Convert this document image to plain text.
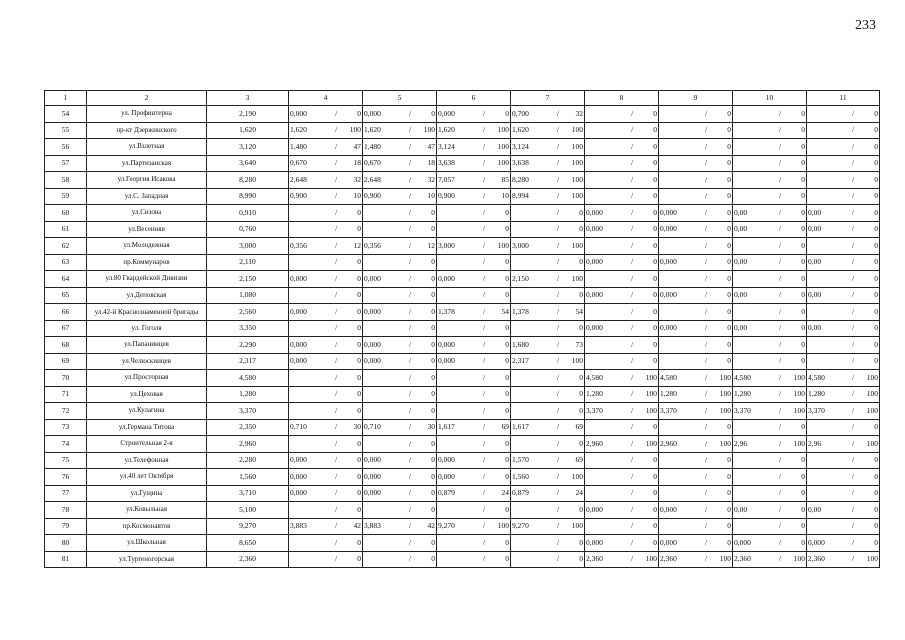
233
1	2	3	4	5	6	7	8	9	10	11
54	ул. Профинтерна	2,190	0,000 / 0	0,000 / 0	0,000 / 0	0,700 / 32	/ 0	/ 0	/ 0	/ 0

55	пр-кт Дзержинского	1,620	1,620 / 100	1,620 / 100	1,620 / 100	1,620 / 100	/ 0	/ 0	/ 0	/ 0

56	ул.Взлетная	3,120	1,480 / 47	1,480 / 47	3,124 / 100	3,124 / 100	/ 0	/ 0	/ 0	/ 0

57	ул.Партизанская	3,640	0,670 / 18	0,670 / 18	3,638 / 100	3,638 / 100	/ 0	/ 0	/ 0	/ 0

58	ул.Георгия Исакова	8,280	2,648 / 32	2,648 / 32	7,057 / 85	8,280 / 100	/ 0	/ 0	/ 0	/ 0

59	ул.С. Западная	8,990	0,900 / 10	0,900 / 10	0,900 / 10	8,994 / 100	/ 0	/ 0	/ 0	/ 0

60	ул.Сизова	0,910	/ 0	/ 0	/ 0	/ 0	0,000 / 0	0,000 / 0	0,00 / 0	0,00 / 0

61	ул.Весенняя	0,760	/ 0	/ 0	/ 0	/ 0	0,000 / 0	0,000 / 0	0,00 / 0	0,00 / 0

62	ул.Молодежная	3,000	0,356 / 12	0,356 / 12	3,000 / 100	3,000 / 100	/ 0	/ 0	/ 0	/ 0

63	пр.Коммунаров	2,110	/ 0	/ 0	/ 0	/ 0	0,000 / 0	0,000 / 0	0,00 / 0	0,00 / 0

64	ул.80 Гвардейской Дивизии	2,150	0,000 / 0	0,000 / 0	0,000 / 0	2,150 / 100	/ 0	/ 0	/ 0	/ 0

65	ул.Деповская	1,080	/ 0	/ 0	/ 0	/ 0	0,000 / 0	0,000 / 0	0,00 / 0	0,00 / 0

66	ул.42-й Краснознаменной бригады	2,560	0,000 / 0	0,000 / 0	1,378 / 54	1,378 / 54	/ 0	/ 0	/ 0	/ 0

67	ул. Гоголя	3,350	/ 0	/ 0	/ 0	/ 0	0,000 / 0	0,000 / 0	0,00 / 0	0,00 / 0

68	ул.Папанинцев	2,290	0,000 / 0	0,000 / 0	0,000 / 0	1,680 / 73	/ 0	/ 0	/ 0	/ 0

69	ул.Челюскинцев	2,317	0,000 / 0	0,000 / 0	0,000 / 0	2,317 / 100	/ 0	/ 0	/ 0	/ 0

70	ул.Просторная	4,580	/ 0	/ 0	/ 0	/ 0	4,580 / 100	4,580 / 100	4,580 / 100	4,580 / 100

71	ул.Цеховая	1,280	/ 0	/ 0	/ 0	/ 0	1,280 / 100	1,280 / 100	1,280 / 100	1,280 / 100

72	ул.Кулагина	3,370	/ 0	/ 0	/ 0	/ 0	3,370 / 100	3,370 / 100	3,370 / 100	3,370 / 100

73	ул.Германа Титова	2,350	0,710 / 30	0,710 / 30	1,617 / 69	1,617 / 69	/ 0	/ 0	/ 0	/ 0

74	Строительная 2-я	2,960	/ 0	/ 0	/ 0	/ 0	2,960 / 100	2,960 / 100	2,96 / 100	2,96 / 100

75	ул.Телефонная	2,280	0,000 / 0	0,000 / 0	0,000 / 0	1,570 / 69	/ 0	/ 0	/ 0	/ 0

76	ул.40 лет Октября	1,560	0,000 / 0	0,000 / 0	0,000 / 0	1,560 / 100	/ 0	/ 0	/ 0	/ 0

77	ул.Гущина	3,710	0,000 / 0	0,000 / 0	0,879 / 24	0,879 / 24	/ 0	/ 0	/ 0	/ 0

78	ул.Ковыльная	5,100	/ 0	/ 0	/ 0	/ 0	0,000 / 0	0,000 / 0	0,00 / 0	0,00 / 0

79	пр.Космонавтов	9,270	3,883 / 42	3,883 / 42	9,270 / 100	9,270 / 100	/ 0	/ 0	/ 0	/ 0

80	ул.Школьная	8,650	/ 0	/ 0	/ 0	/ 0	0,000 / 0	0,000 / 0	0,000 / 0	0,000 / 0

81	ул.Тургеногорская	2,360	/ 0	/ 0	/ 0	/ 0	2,360 / 100	2,360 / 100	2,360 / 100	2,360 / 100
